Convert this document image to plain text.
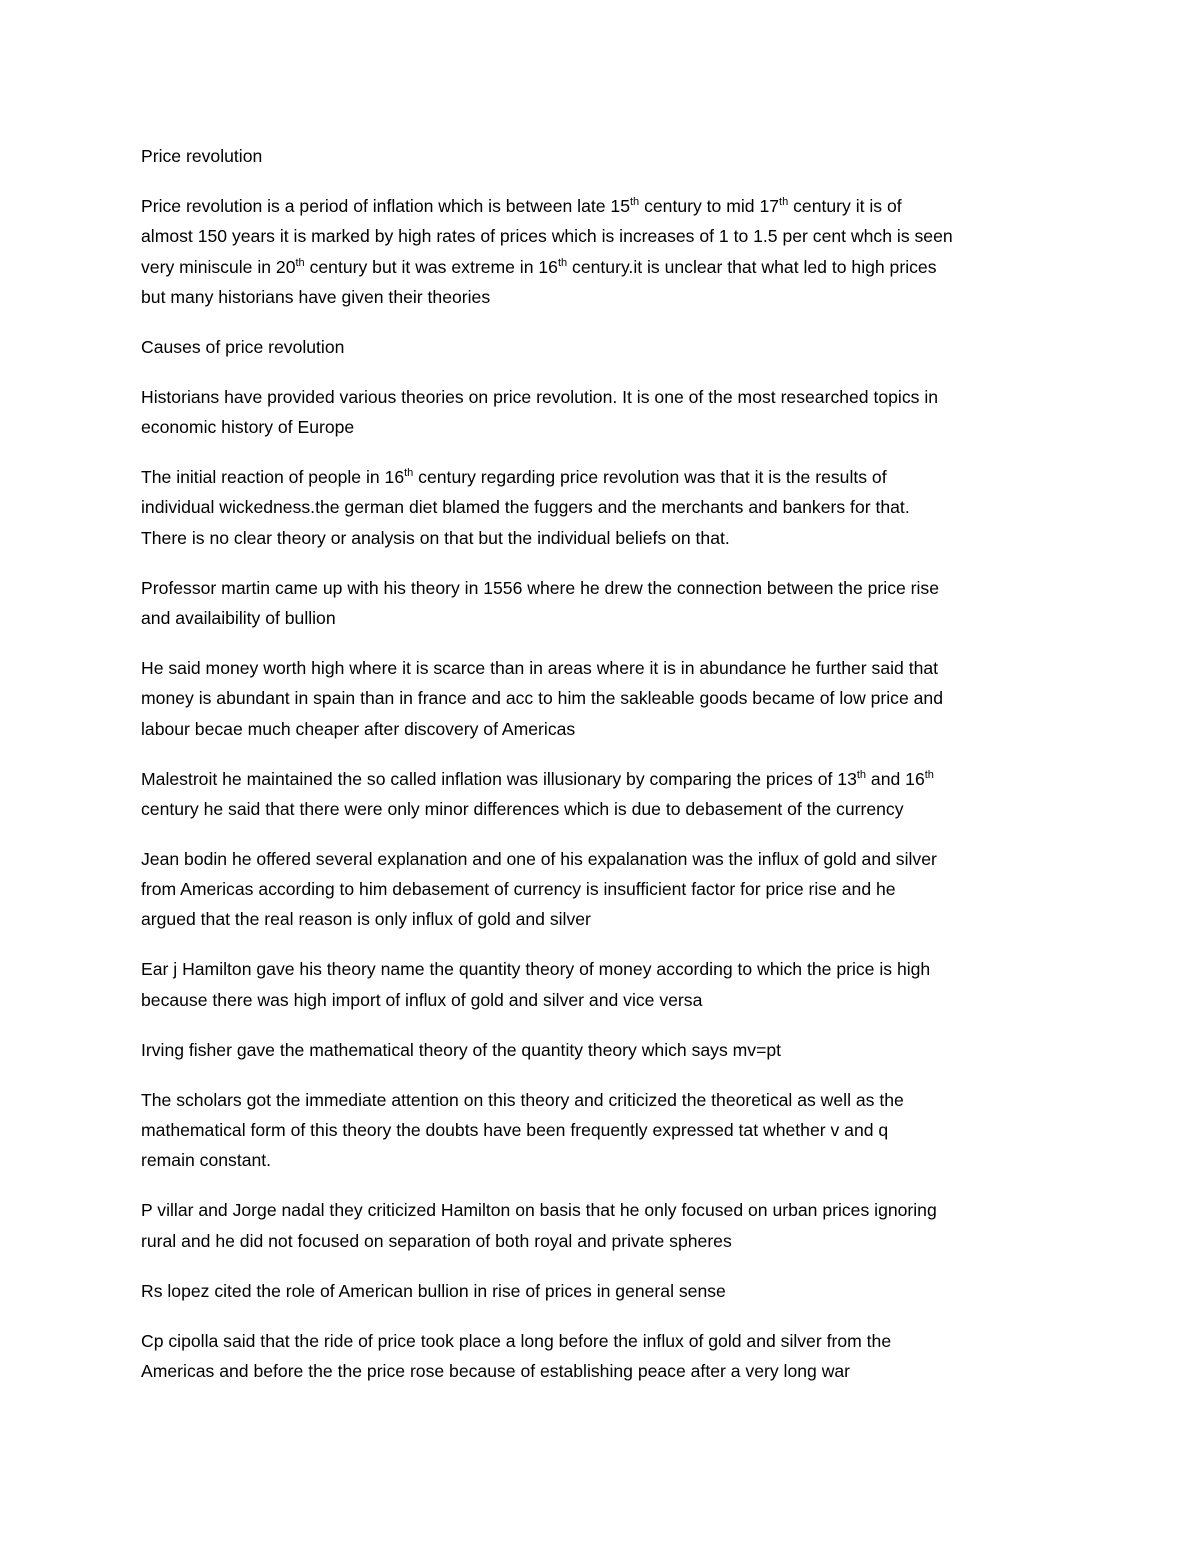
Price revolution

Price revolution is a period of inflation which is between late 15th century to mid 17th century it is of
almost 150 years it is marked by high rates of prices which is increases of 1 to 1.5 per cent whch is seen
very miniscule in 20th century but it was extreme in 16th century.it is unclear that what led to high prices
but many historians have given their theories

Causes of price revolution

Historians have provided various theories on price revolution. It is one of the most researched topics in
economic history of Europe

The initial reaction of people in 16th century regarding price revolution was that it is the results of
individual wickedness.the german diet blamed the fuggers and the merchants and bankers for that.
There is no clear theory or analysis on that but the individual beliefs on that.

Professor martin came up with his theory in 1556 where he drew the connection between the price rise
and availaibility of bullion

He said money worth high where it is scarce than in areas where it is in abundance he further said that
money is abundant in spain than in france and acc to him the sakleable goods became of low price and
labour becae much cheaper after discovery of Americas

Malestroit he maintained the so called inflation was illusionary by comparing the prices of 13th and 16th
century he said that there were only minor differences which is due to debasement of the currency

Jean bodin he offered several explanation and one of his expalanation was the influx of gold and silver
from Americas according to him debasement of currency is insufficient factor for price rise and he
argued that the real reason is only influx of gold and silver

Ear j Hamilton gave his theory name the quantity theory of money according to which the price is high
because there was high import of influx of gold and silver and vice versa

Irving fisher gave the mathematical theory of the quantity theory which says mv=pt

The scholars got the immediate attention on this theory and criticized the theoretical as well as the
mathematical form of this theory the doubts have been frequently expressed tat whether v and q
remain constant.

P villar and Jorge nadal they criticized Hamilton on basis that he only focused on urban prices ignoring
rural and he did not focused on separation of both royal and private spheres

Rs lopez cited the role of American bullion in rise of prices in general sense

Cp cipolla said that the ride of price took place a long before the influx of gold and silver from the
Americas and before the the price rose because of establishing peace after a very long war
